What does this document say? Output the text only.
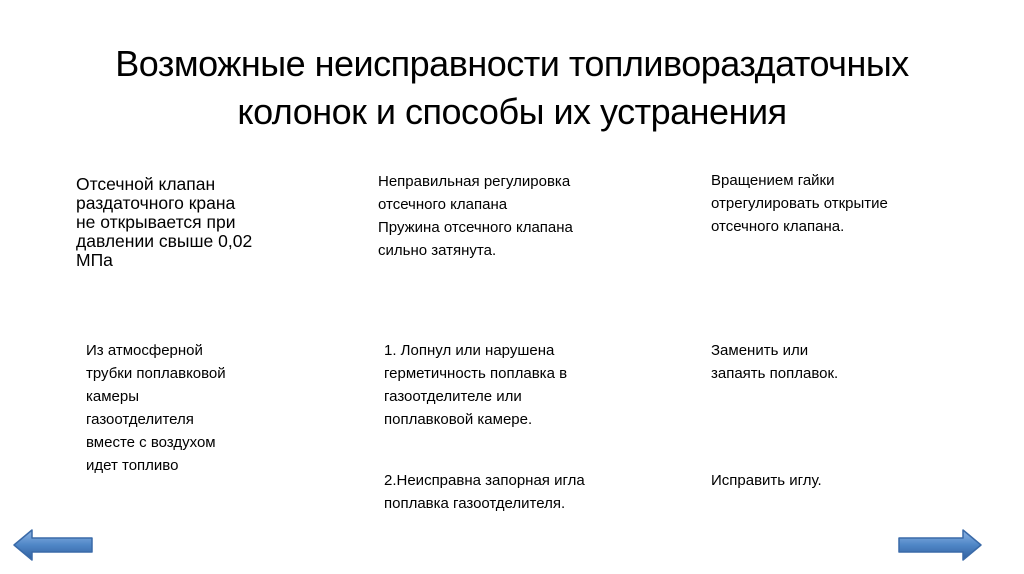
Возможные неисправности топливораздаточных
колонок и способы их устранения
Отсечной клапан
раздаточного крана
не открывается при
давлении свыше 0,02
МПа
Неправильная регулировка
отсечного клапана
Пружина отсечного клапана
сильно затянута.
Вращением гайки
отрегулировать открытие
отсечного клапана.
Из атмосферной
трубки поплавковой
камеры
газоотделителя
вместе с воздухом
идет топливо
1. Лопнул или нарушена
герметичность поплавка в
газоотделителе или
поплавковой камере.
Заменить или
запаять поплавок.
2.Неисправна запорная игла
поплавка газоотделителя.
Исправить иглу.
